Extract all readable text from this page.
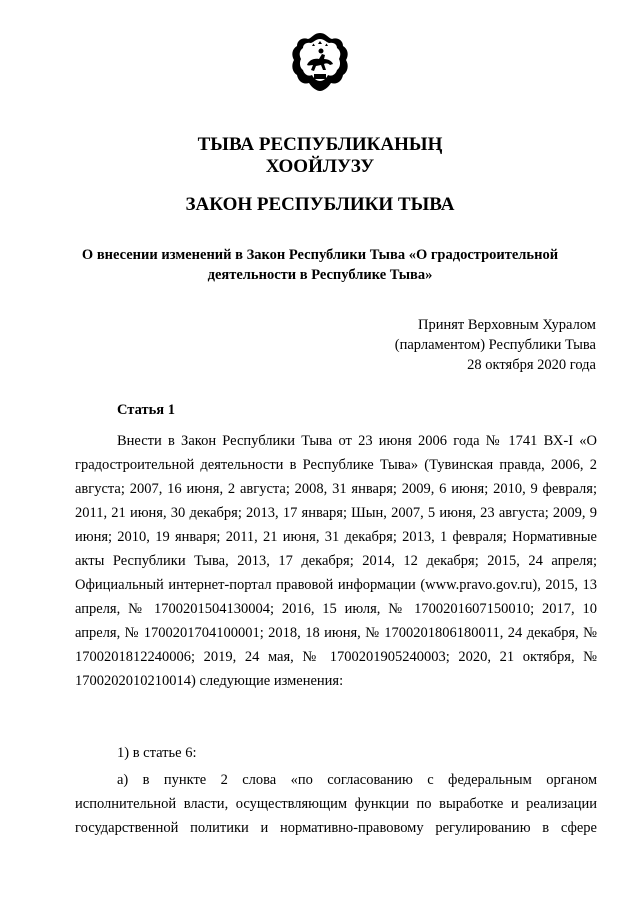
ТЫВА РЕСПУБЛИКАНЫҢ

ХООЙЛУЗУ

ЗАКОН РЕСПУБЛИКИ ТЫВА

О внесении изменений в Закон Республики Тыва «О градостроительной
деятельности в Республике Тыва»
Принят Верховным Хуралом
(парламентом) Республики Тыва
28 октября 2020 года

Статья 1

Внести в Закон Республики Тыва от 23 июня 2006 года № 1741 ВХ-I «О градостроительной деятельности в Республике Тыва» (Тувинская правда, 2006, 2 августа; 2007, 16 июня, 2 августа; 2008, 31 января; 2009, 6 июня; 2010, 9 февраля; 2011, 21 июня, 30 декабря; 2013, 17 января; Шын, 2007, 5 июня, 23 августа; 2009, 9 июня; 2010, 19 января; 2011, 21 июня, 31 декабря; 2013, 1 февраля; Нормативные акты Республики Тыва, 2013, 17 декабря; 2014, 12 декабря; 2015, 24 апреля; Официальный интернет-портал правовой информации (www.pravo.gov.ru), 2015, 13 апреля, № 1700201504130004; 2016, 15 июля, № 1700201607150010; 2017, 10 апреля, № 1700201704100001; 2018, 18 июня, № 1700201806180011, 24 декабря, № 1700201812240006; 2019, 24 мая, № 1700201905240003; 2020, 21 октября, № 1700202010210014) следующие изменения:

1) в статье 6:

а) в пункте 2 слова «по согласованию с федеральным органом исполнительной власти, осуществляющим функции по выработке и реализации государственной политики и нормативно-правовому регулированию в сфере
